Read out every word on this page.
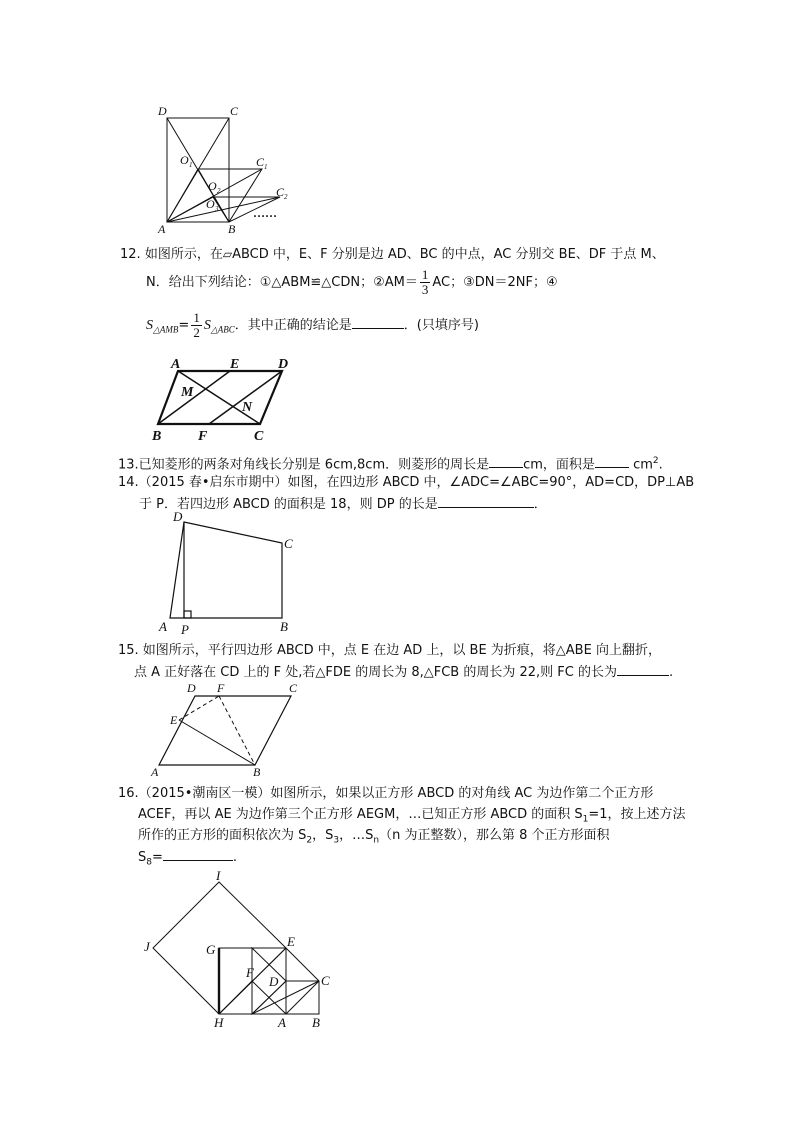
D	C
O 1	C 1
O 2
O 3
C 2
A	B
……
12. 如图所示，在▱ABCD 中，E、F 分别是边 AD、BC 的中点，AC 分别交 BE、DF 于点 M、
N．给出下列结论：①△ABM≌△CDN；②AM＝ $\frac{1}{3}$ AC；③DN＝2NF；④
$S_{\triangle AMB}= \frac{1}{2} S_{\triangle ABC}$．其中正确的结论是	．(只填序号)
A	E	D
M
N
B	F	C
13.已知菱形的两条对角线长分别是 6cm,8cm．则菱形的周长是	cm，面积是	$cm^2$.
14.（2015 春•启东市期中）如图，在四边形 ABCD 中，∠ADC=∠ABC=90°，AD=CD，DP⊥AB
于 P．若四边形 ABCD 的面积是 18，则 DP 的长是	．
D
C
A P	B
15. 如图所示，平行四边形 ABCD 中，点 E 在边 AD 上，以 BE 为折痕，将△ABE 向上翻折，
点 A 正好落在 CD 上的 F 处,若△FDE 的周长为 8,△FCB 的周长为 22,则 FC 的长为	.
D F	C
E
A	B
16.（2015•潮南区一模）如图所示，如果以正方形 ABCD 的对角线 AC 为边作第二个正方形
ACEF，再以 AE 为边作第三个正方形 AEGM，…已知正方形 ABCD 的面积 $S_1=1$，按上述方法
所作的正方形的面积依次为 $S_2$，$S_3$，$\dots S_n(n$ 为正整数），那么第 8 个正方形面积
$S_8=$	.
I
J	G
E
F
C
D
H	A B
